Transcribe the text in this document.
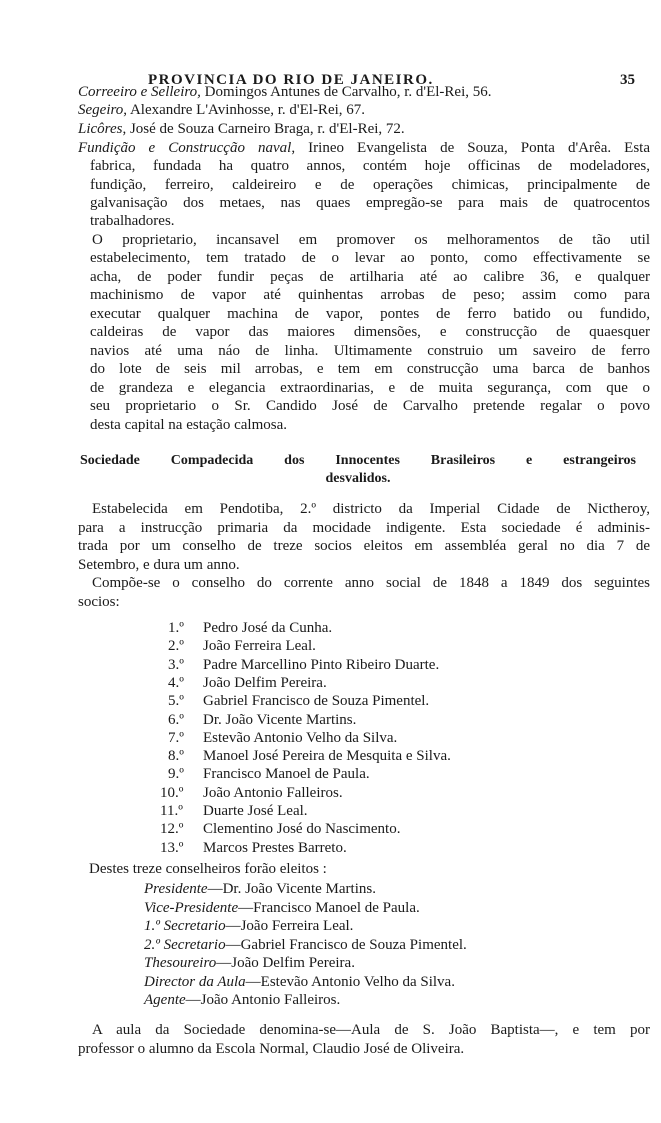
PROVINCIA DO RIO DE JANEIRO.	35
Sociedade Compadecida dos Innocentes Brasileiros e estrangeiros
desvalidos.
Correeiro e Selleiro, Domingos Antunes de Carvalho, r. d'El-Rei, 56.
Segeiro, Alexandre L'Avinhosse, r. d'El-Rei, 67.
Licôres, José de Souza Carneiro Braga, r. d'El-Rei, 72.
Fundição e Construcção naval, Irineo Evangelista de Souza, Ponta d'Arêa. Esta
fabrica, fundada ha quatro annos, contém hoje officinas de modeladores,
fundição, ferreiro, caldeireiro e de operações chimicas, principalmente de
galvanisação dos metaes, nas quaes empregão-se para mais de quatrocentos
trabalhadores.
O proprietario, incansavel em promover os melhoramentos de tão util
estabelecimento, tem tratado de o levar ao ponto, como effectivamente se
acha, de poder fundir peças de artilharia até ao calibre 36, e qualquer
machinismo de vapor até quinhentas arrobas de peso; assim como para
executar qualquer machina de vapor, pontes de ferro batido ou fundido,
caldeiras de vapor das maiores dimensões, e construcção de quaesquer
navios até uma náo de linha. Ultimamente construio um saveiro de ferro
do lote de seis mil arrobas, e tem em construcção uma barca de banhos
de grandeza e elegancia extraordinarias, e de muita segurança, com que o
seu proprietario o Sr. Candido José de Carvalho pretende regalar o povo
desta capital na estação calmosa.
Estabelecida em Pendotiba, 2.º districto da Imperial Cidade de Nictheroy,
para a instrucção primaria da mocidade indigente. Esta sociedade é adminis-
trada por um conselho de treze socios eleitos em assembléa geral no dia 7 de
Setembro, e dura um anno.
Compõe-se o conselho do corrente anno social de 1848 a 1849 dos seguintes
socios:
1.º Pedro José da Cunha.
2.º João Ferreira Leal.
3.º Padre Marcellino Pinto Ribeiro Duarte.
4.º João Delfim Pereira.
5.º Gabriel Francisco de Souza Pimentel.
6.º Dr. João Vicente Martins.
7.º Estevão Antonio Velho da Silva.
8.º Manoel José Pereira de Mesquita e Silva.
9.º Francisco Manoel de Paula.
10.º João Antonio Falleiros.
11.º Duarte José Leal.
12.º Clementino José do Nascimento.
13.º Marcos Prestes Barreto.
Destes treze conselheiros forão eleitos :
Presidente—Dr. João Vicente Martins.
Vice-Presidente—Francisco Manoel de Paula.
1.º Secretario—João Ferreira Leal.
2.º Secretario—Gabriel Francisco de Souza Pimentel.
Thesoureiro—João Delfim Pereira.
Director da Aula—Estevão Antonio Velho da Silva.
Agente—João Antonio Falleiros.
A aula da Sociedade denomina-se—Aula de S. João Baptista—, e tem por
professor o alumno da Escola Normal, Claudio José de Oliveira.
